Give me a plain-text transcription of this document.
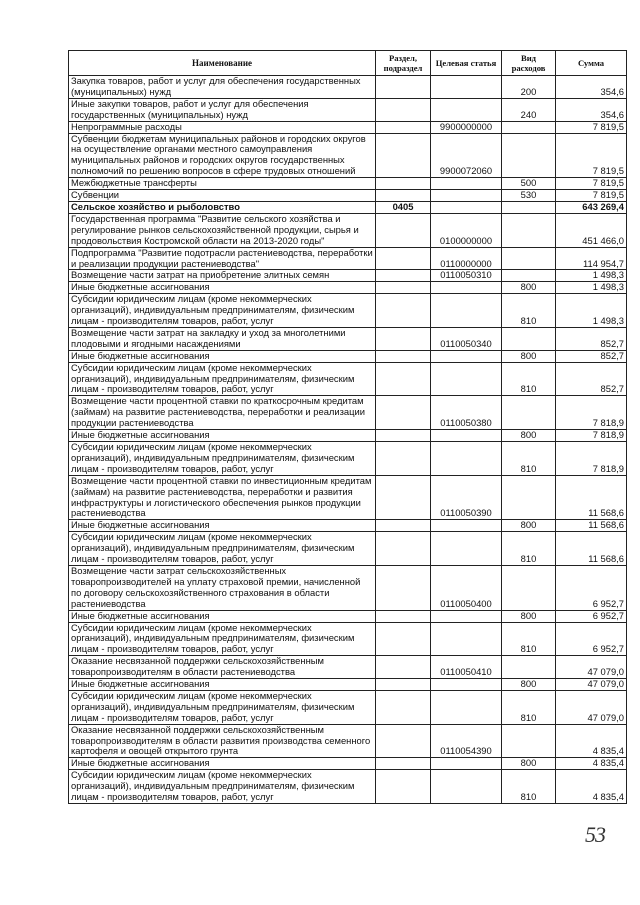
Наименование	Раздел, подраздел	Целевая статья	Вид расходов	Сумма
Закупка товаров, работ и услуг для обеспечения государственных (муниципальных) нужд			200	354,6
Иные закупки товаров, работ и услуг для обеспечения государственных (муниципальных) нужд			240	354,6
Непрограммные расходы		9900000000		7 819,5
Субвенции бюджетам муниципальных районов и городских округов на осуществление органами местного самоуправления муниципальных районов и городских округов государственных полномочий по решению вопросов в сфере трудовых отношений		9900072060		7 819,5
Межбюджетные трансферты			500	7 819,5
Субвенции			530	7 819,5
Сельское хозяйство и рыболовство	0405			643 269,4
Государственная программа "Развитие сельского хозяйства и регулирование рынков сельскохозяйственной продукции, сырья и продовольствия Костромской области на 2013-2020 годы"		0100000000		451 466,0
Подпрограмма "Развитие подотрасли растениеводства, переработки и реализации продукции растениеводства"		0110000000		114 954,7
Возмещение части затрат на приобретение элитных семян		0110050310		1 498,3
Иные бюджетные ассигнования			800	1 498,3
Субсидии юридическим лицам (кроме некоммерческих организаций), индивидуальным предпринимателям, физическим лицам - производителям товаров, работ, услуг			810	1 498,3
Возмещение части затрат на закладку и уход за многолетними плодовыми и ягодными насаждениями		0110050340		852,7
Иные бюджетные ассигнования			800	852,7
Субсидии юридическим лицам (кроме некоммерческих организаций), индивидуальным предпринимателям, физическим лицам - производителям товаров, работ, услуг			810	852,7
Возмещение части процентной ставки по краткосрочным кредитам (займам) на развитие растениеводства, переработки и реализации продукции растениеводства		0110050380		7 818,9
Иные бюджетные ассигнования			800	7 818,9
Субсидии юридическим лицам (кроме некоммерческих организаций), индивидуальным предпринимателям, физическим лицам - производителям товаров, работ, услуг			810	7 818,9
Возмещение части процентной ставки по инвестиционным кредитам (займам) на развитие растениеводства, переработки и развития инфраструктуры и логистического обеспечения рынков продукции растениеводства		0110050390		11 568,6
Иные бюджетные ассигнования			800	11 568,6
Субсидии юридическим лицам (кроме некоммерческих организаций), индивидуальным предпринимателям, физическим лицам - производителям товаров, работ, услуг			810	11 568,6
Возмещение части затрат сельскохозяйственных товаропроизводителей на уплату страховой премии, начисленной по договору сельскохозяйственного страхования в области растениеводства		0110050400		6 952,7
Иные бюджетные ассигнования			800	6 952,7
Субсидии юридическим лицам (кроме некоммерческих организаций), индивидуальным предпринимателям, физическим лицам - производителям товаров, работ, услуг			810	6 952,7
Оказание несвязанной поддержки сельскохозяйственным товаропроизводителям в области растениеводства		0110050410		47 079,0
Иные бюджетные ассигнования			800	47 079,0
Субсидии юридическим лицам (кроме некоммерческих организаций), индивидуальным предпринимателям, физическим лицам - производителям товаров, работ, услуг			810	47 079,0
Оказание несвязанной поддержки сельскохозяйственным товаропроизводителям в области развития производства семенного картофеля и овощей открытого грунта		0110054390		4 835,4
Иные бюджетные ассигнования			800	4 835,4
Субсидии юридическим лицам (кроме некоммерческих организаций), индивидуальным предпринимателям, физическим лицам - производителям товаров, работ, услуг			810	4 835,4
53
